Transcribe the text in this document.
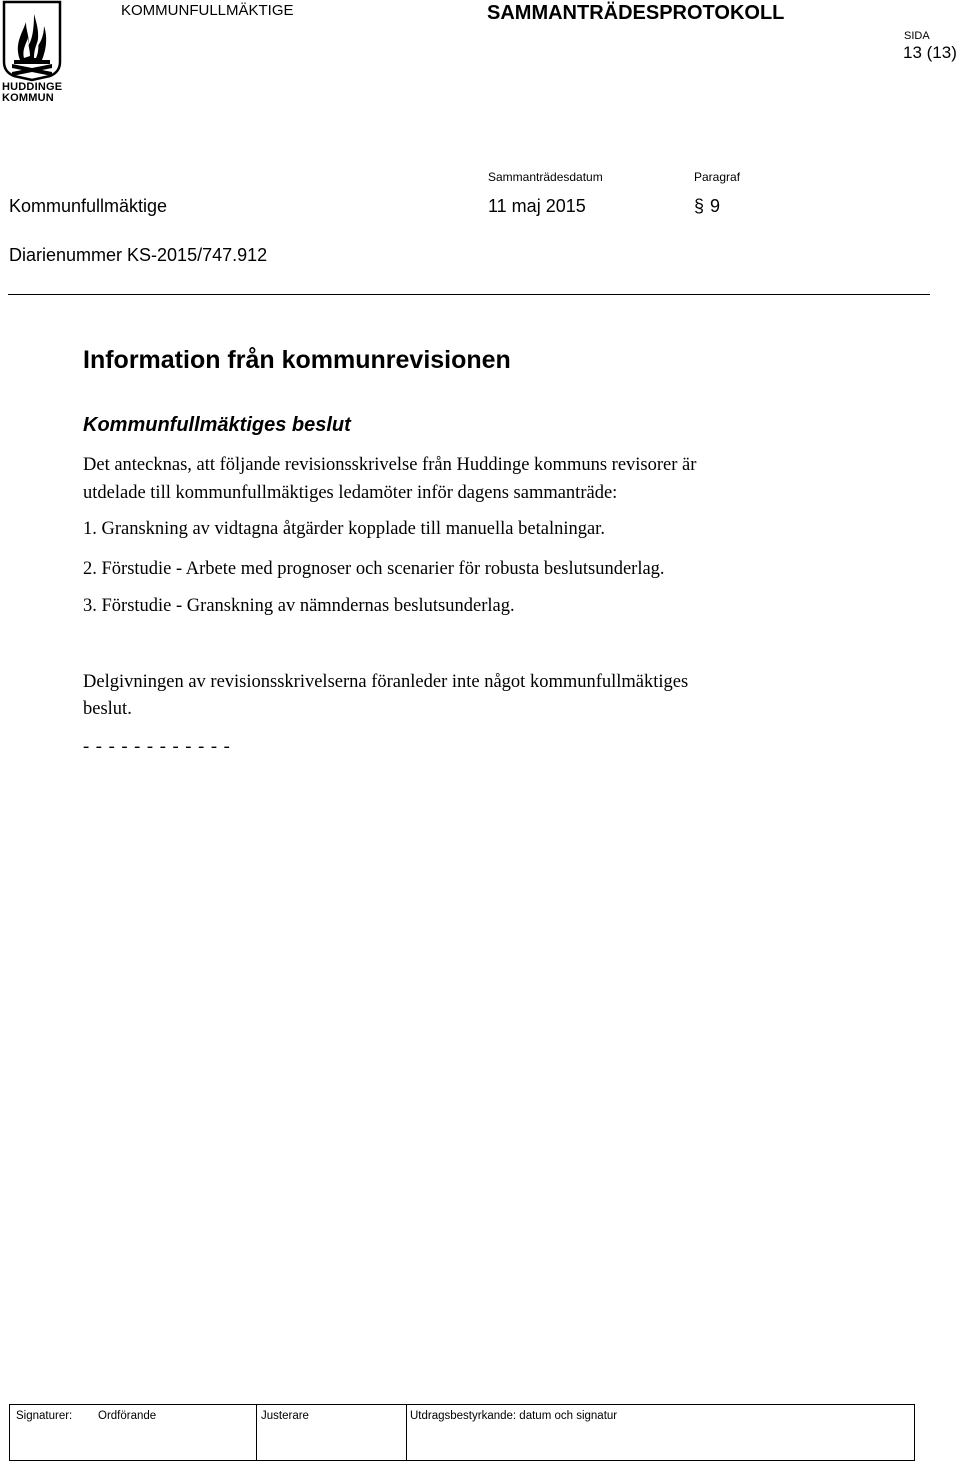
HUDDINGE
KOMMUN
KOMMUNFULLMÄKTIGE	SAMMANTRÄDESPROTOKOLL
SIDA
13 (13)
Sammanträdesdatum	Paragraf
Kommunfullmäktige	11 maj 2015	§ 9
Diarienummer KS-2015/747.912
Information från kommunrevisionen
Kommunfullmäktiges beslut
Det antecknas, att följande revisionsskrivelse från Huddinge kommuns revisorer är
utdelade till kommunfullmäktiges ledamöter inför dagens sammanträde:
1. Granskning av vidtagna åtgärder kopplade till manuella betalningar.
2. Förstudie - Arbete med prognoser och scenarier för robusta beslutsunderlag.
3. Förstudie - Granskning av nämndernas beslutsunderlag.
Delgivningen av revisionsskrivelserna föranleder inte något kommunfullmäktiges
beslut.
- - - - - - - - - - - -
Signaturer: Ordförande	Justerare	Utdragsbestyrkande: datum och signatur
